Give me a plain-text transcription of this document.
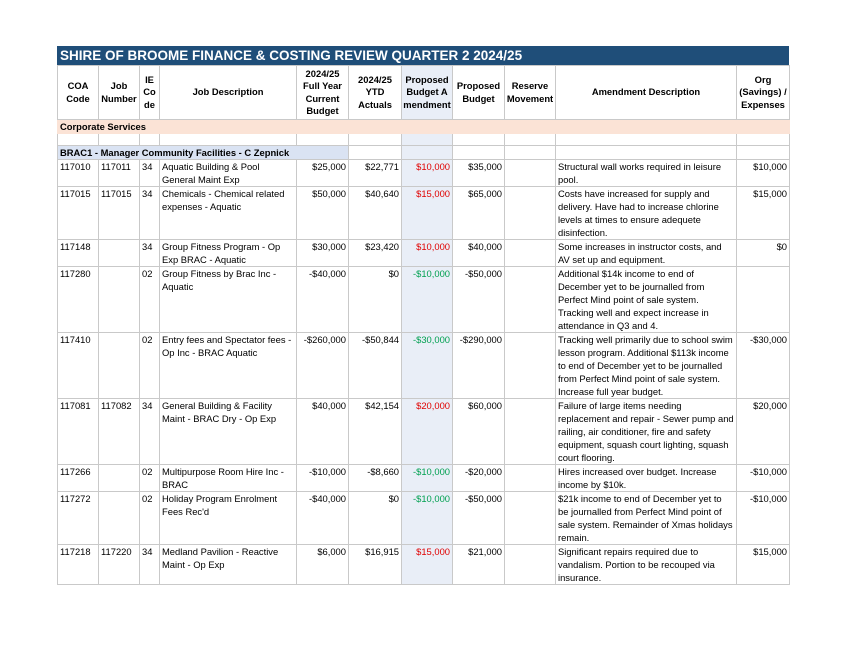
SHIRE OF BROOME FINANCE & COSTING REVIEW QUARTER 2 2024/25
COA Code	Job Number	IE Code	Job Description	2024/25 Full Year Current Budget	2024/25 YTD Actuals	Proposed Budget Amendment	Proposed Budget	Reserve Movement	Amendment Description	Org (Savings) / Expenses
Corporate Services										

BRAC1 - Manager Community Facilities - C Zepnick										
117010	117011	34	Aquatic Building & Pool General Maint Exp	$25,000	$22,771	$10,000	$35,000		Structural wall works required in leisure pool.	$10,000
117015	117015	34	Chemicals - Chemical related expenses - Aquatic	$50,000	$40,640	$15,000	$65,000		Costs have increased for supply and delivery. Have had to increase chlorine levels at times to ensure adequete disinfection.	$15,000
117148		34	Group Fitness Program - Op Exp BRAC - Aquatic	$30,000	$23,420	$10,000	$40,000		Some increases in instructor costs, and AV set up and equipment.	$0
117280		02	Group Fitness by Brac Inc - Aquatic	-$40,000	$0	-$10,000	-$50,000		Additional $14k income to end of December yet to be journalled from Perfect Mind point of sale system. Tracking well and expect increase in attendance in Q3 and 4.	
117410		02	Entry fees and Spectator fees - Op Inc - BRAC Aquatic	-$260,000	-$50,844	-$30,000	-$290,000		Tracking well primarily due to school swim lesson program. Additional $113k income to end of December yet to be journalled from Perfect Mind point of sale system. Increase full year budget.	-$30,000
117081	117082	34	General Building & Facility Maint - BRAC Dry - Op Exp	$40,000	$42,154	$20,000	$60,000		Failure of large items needing replacement and repair - Sewer pump and railing, air conditioner, fire and safety equipment, squash court lighting, squash court flooring.	$20,000
117266		02	Multipurpose Room Hire Inc - BRAC	-$10,000	-$8,660	-$10,000	-$20,000		Hires increased over budget. Increase income by $10k.	-$10,000
117272		02	Holiday Program Enrolment Fees Rec'd	-$40,000	$0	-$10,000	-$50,000		$21k income to end of December yet to be journalled from Perfect Mind point of sale system. Remainder of Xmas holidays remain.	-$10,000
117218	117220	34	Medland Pavilion - Reactive Maint - Op Exp	$6,000	$16,915	$15,000	$21,000		Significant repairs required due to vandalism. Portion to be recouped via insurance.	$15,000
